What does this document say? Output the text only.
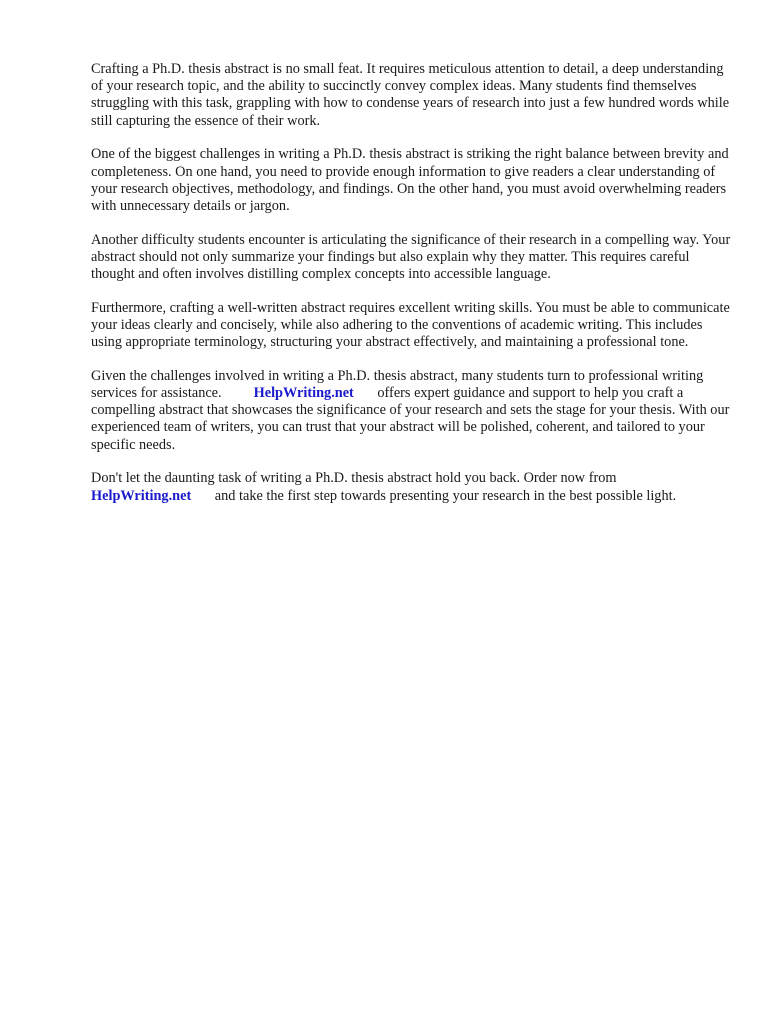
Crafting a Ph.D. thesis abstract is no small feat. It requires meticulous attention to detail, a deep understanding of your research topic, and the ability to succinctly convey complex ideas. Many students find themselves struggling with this task, grappling with how to condense years of research into just a few hundred words while still capturing the essence of their work.

One of the biggest challenges in writing a Ph.D. thesis abstract is striking the right balance between brevity and completeness. On one hand, you need to provide enough information to give readers a clear understanding of your research objectives, methodology, and findings. On the other hand, you must avoid overwhelming readers with unnecessary details or jargon.

Another difficulty students encounter is articulating the significance of their research in a compelling way. Your abstract should not only summarize your findings but also explain why they matter. This requires careful thought and often involves distilling complex concepts into accessible language.

Furthermore, crafting a well-written abstract requires excellent writing skills. You must be able to communicate your ideas clearly and concisely, while also adhering to the conventions of academic writing. This includes using appropriate terminology, structuring your abstract effectively, and maintaining a professional tone.

Given the challenges involved in writing a Ph.D. thesis abstract, many students turn to professional writing services for assistance. HelpWriting.net offers expert guidance and support to help you craft a compelling abstract that showcases the significance of your research and sets the stage for your thesis. With our experienced team of writers, you can trust that your abstract will be polished, coherent, and tailored to your specific needs.

Don't let the daunting task of writing a Ph.D. thesis abstract hold you back. Order now from
HelpWriting.net and take the first step towards presenting your research in the best possible light.
